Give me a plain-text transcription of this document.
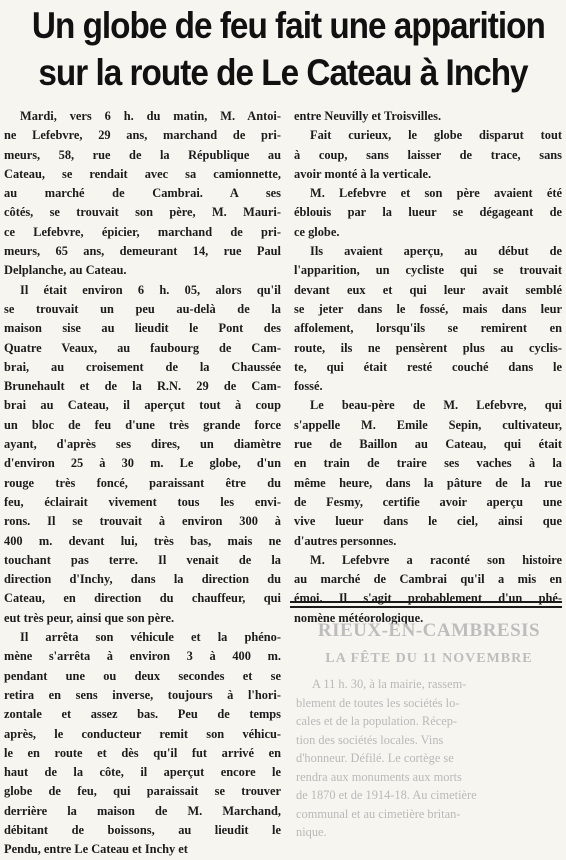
Un globe de feu fait une apparition
sur la route de Le Cateau à Inchy
Mardi, vers 6 h. du matin, M. Antoi-
ne Lefebvre, 29 ans, marchand de pri-
meurs, 58, rue de la République au
Cateau, se rendait avec sa camionnette,
au marché de Cambrai. A ses
côtés, se trouvait son père, M. Mauri-
ce Lefebvre, épicier, marchand de pri-
meurs, 65 ans, demeurant 14, rue Paul
Delplanche, au Cateau.
Il était environ 6 h. 05, alors qu'il
se trouvait un peu au-delà de la
maison sise au lieudit le Pont des
Quatre Veaux, au faubourg de Cam-
brai, au croisement de la Chaussée
Brunehault et de la R.N. 29 de Cam-
brai au Cateau, il aperçut tout à coup
un bloc de feu d'une très grande force
ayant, d'après ses dires, un diamètre
d'environ 25 à 30 m. Le globe, d'un
rouge très foncé, paraissant être du
feu, éclairait vivement tous les envi-
rons. Il se trouvait à environ 300 à
400 m. devant lui, très bas, mais ne
touchant pas terre. Il venait de la
direction d'Inchy, dans la direction du
Cateau, en direction du chauffeur, qui
eut très peur, ainsi que son père.
Il arrêta son véhicule et la phéno-
mène s'arrêta à environ 3 à 400 m.
pendant une ou deux secondes et se
retira en sens inverse, toujours à l'hori-
zontale et assez bas. Peu de temps
après, le conducteur remit son véhicu-
le en route et dès qu'il fut arrivé en
haut de la côte, il aperçut encore le
globe de feu, qui paraissait se trouver
derrière la maison de M. Marchand,
débitant de boissons, au lieudit le
Pendu, entre Le Cateau et Inchy et
entre Neuvilly et Troisvilles.
Fait curieux, le globe disparut tout
à coup, sans laisser de trace, sans
avoir monté à la verticale.
M. Lefebvre et son père avaient été
éblouis par la lueur se dégageant de
ce globe.
Ils avaient aperçu, au début de
l'apparition, un cycliste qui se trouvait
devant eux et qui leur avait semblé
se jeter dans le fossé, mais dans leur
affolement, lorsqu'ils se remirent en
route, ils ne pensèrent plus au cyclis-
te, qui était resté couché dans le
fossé.
Le beau-père de M. Lefebvre, qui
s'appelle M. Emile Sepin, cultivateur,
rue de Baillon au Cateau, qui était
en train de traire ses vaches à la
même heure, dans la pâture de la rue
de Fesmy, certifie avoir aperçu une
vive lueur dans le ciel, ainsi que
d'autres personnes.
M. Lefebvre a raconté son histoire
au marché de Cambrai qu'il a mis en
émoi. Il s'agit probablement d'un phé-
nomène météorologique.
RIEUX-EN-CAMBRESIS
LA FÊTE DU 11 NOVEMBRE
A 11 h. 30, à la mairie, rassem-
blement de toutes les sociétés lo-
cales et de la population. Récep-
tion des sociétés locales. Vins
d'honneur. Défilé. Le cortège se
rendra aux monuments aux morts
de 1870 et de 1914-18. Au cimetière
communal et au cimetière britan-
nique.
